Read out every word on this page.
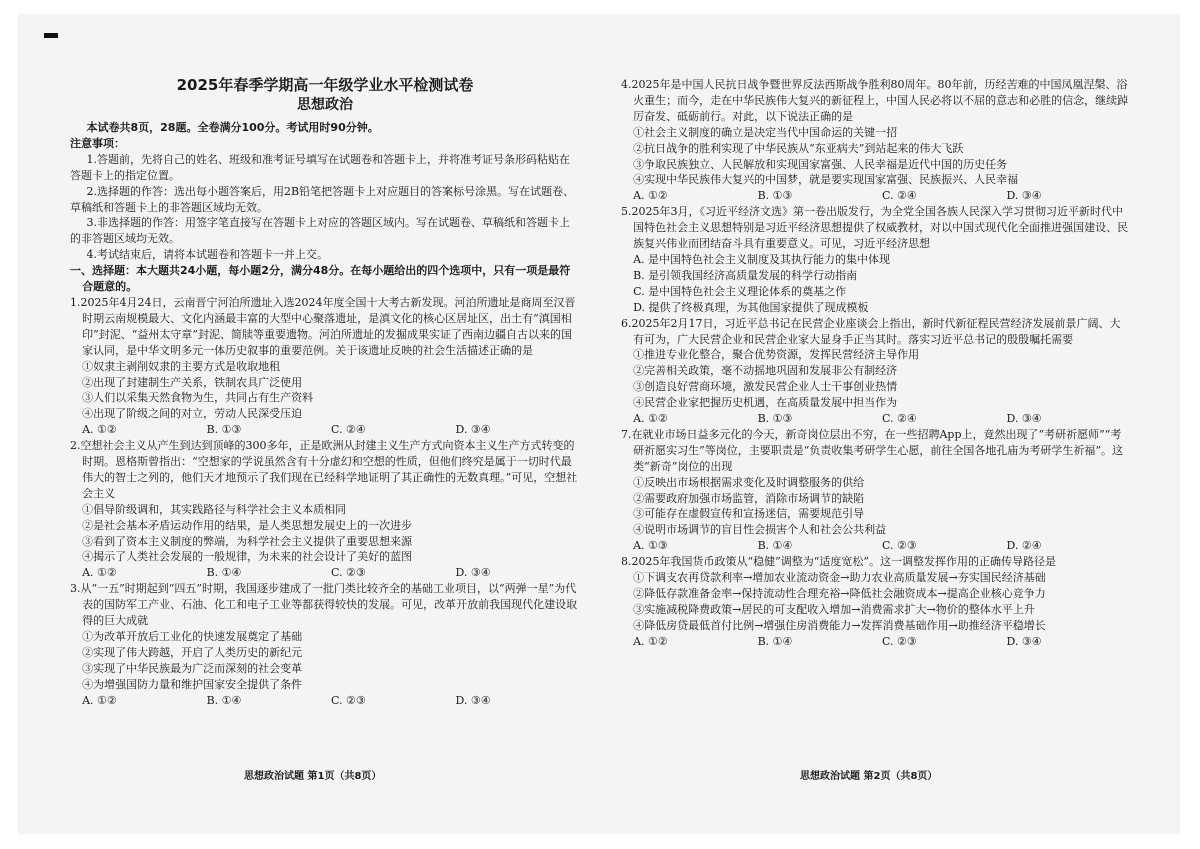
2025年春季学期高一年级学业水平检测试卷
思想政治

本试卷共8页，28题。全卷满分100分。考试用时90分钟。

注意事项：

1.答题前，先将自己的姓名、班级和准考证号填写在试题卷和答题卡上，并将准考证号条形码粘贴在答题卡上的指定位置。

2.选择题的作答：选出每小题答案后，用2B铅笔把答题卡上对应题目的答案标号涂黑。写在试题卷、草稿纸和答题卡上的非答题区域均无效。

3.非选择题的作答：用签字笔直接写在答题卡上对应的答题区域内。写在试题卷、草稿纸和答题卡上的非答题区域均无效。

4.考试结束后，请将本试题卷和答题卡一并上交。

一、选择题：本大题共24小题，每小题2分，满分48分。在每小题给出的四个选项中，只有一项是最符合题意的。

1.2025年4月24日，云南晋宁河泊所遗址入选2024年度全国十大考古新发现。河泊所遗址是商周至汉晋时期云南规模最大、文化内涵最丰富的大型中心聚落遗址，是滇文化的核心区居址区，出土有“滇国相印”封泥、“益州太守章”封泥、简牍等重要遗物。河泊所遗址的发掘成果实证了西南边疆自古以来的国家认同，是中华文明多元一体历史叙事的重要范例。关于该遗址反映的社会生活描述正确的是

①奴隶主剥削奴隶的主要方式是收取地租

②出现了封建制生产关系，铁制农具广泛使用

③人们以采集天然食物为生，共同占有生产资料

④出现了阶级之间的对立，劳动人民深受压迫

A. ①②	B. ①③	C. ②④	D. ③④

2.空想社会主义从产生到达到顶峰的300多年，正是欧洲从封建主义生产方式向资本主义生产方式转变的时期。恩格斯曾指出：“空想家的学说虽然含有十分虚幻和空想的性质，但他们终究是属于一切时代最伟大的智士之列的，他们天才地预示了我们现在已经科学地证明了其正确性的无数真理。”可见，空想社会主义

①倡导阶级调和，其实践路径与科学社会主义本质相同

②是社会基本矛盾运动作用的结果，是人类思想发展史上的一次进步

③看到了资本主义制度的弊端，为科学社会主义提供了重要思想来源

④揭示了人类社会发展的一般规律，为未来的社会设计了美好的蓝图

A. ①②	B. ①④	C. ②③	D. ③④

3.从“一五”时期起到“四五”时期，我国逐步建成了一批门类比较齐全的基础工业项目，以“两弹一星”为代表的国防军工产业、石油、化工和电子工业等都获得较快的发展。可见，改革开放前我国现代化建设取得的巨大成就

①为改革开放后工业化的快速发展奠定了基础

②实现了伟大跨越，开启了人类历史的新纪元

③实现了中华民族最为广泛而深刻的社会变革

④为增强国防力量和维护国家安全提供了条件

A. ①②	B. ①④	C. ②③	D. ③④

4.2025年是中国人民抗日战争暨世界反法西斯战争胜利80周年。80年前，历经苦难的中国凤凰涅槃、浴火重生；而今，走在中华民族伟大复兴的新征程上，中国人民必将以不屈的意志和必胜的信念，继续踔厉奋发、砥砺前行。对此，以下说法正确的是

①社会主义制度的确立是决定当代中国命运的关键一招

②抗日战争的胜利实现了中华民族从“东亚病夫”到站起来的伟大飞跃

③争取民族独立、人民解放和实现国家富强、人民幸福是近代中国的历史任务

④实现中华民族伟大复兴的中国梦，就是要实现国家富强、民族振兴、人民幸福

A. ①②	B. ①③	C. ②④	D. ③④

5.2025年3月，《习近平经济文选》第一卷出版发行，为全党全国各族人民深入学习贯彻习近平新时代中国特色社会主义思想特别是习近平经济思想提供了权威教材，对以中国式现代化全面推进强国建设、民族复兴伟业而团结奋斗具有重要意义。可见，习近平经济思想

A. 是中国特色社会主义制度及其执行能力的集中体现

B. 是引领我国经济高质量发展的科学行动指南

C. 是中国特色社会主义理论体系的奠基之作

D. 提供了终极真理，为其他国家提供了现成模板

6.2025年2月17日，习近平总书记在民营企业座谈会上指出，新时代新征程民营经济发展前景广阔、大有可为，广大民营企业和民营企业家大显身手正当其时。落实习近平总书记的殷殷嘱托需要

①推进专业化整合，聚合优势资源，发挥民营经济主导作用

②完善相关政策，毫不动摇地巩固和发展非公有制经济

③创造良好营商环境，激发民营企业人士干事创业热情

④民营企业家把握历史机遇，在高质量发展中担当作为

A. ①②	B. ①③	C. ②④	D. ③④

7.在就业市场日益多元化的今天，新奇岗位层出不穷，在一些招聘App上，竟然出现了“考研祈愿师”“考研祈愿实习生”等岗位，主要职责是“负责收集考研学生心愿，前往全国各地孔庙为考研学生祈福”。这类“新奇”岗位的出现

①反映出市场根据需求变化及时调整服务的供给

②需要政府加强市场监管，消除市场调节的缺陷

③可能存在虚假宣传和宣扬迷信，需要规范引导

④说明市场调节的盲目性会损害个人和社会公共利益

A. ①③	B. ①④	C. ②③	D. ②④

8.2025年我国货币政策从“稳健”调整为“适度宽松”。这一调整发挥作用的正确传导路径是

①下调支农再贷款利率→增加农业流动资金→助力农业高质量发展→夯实国民经济基础

②降低存款准备金率→保持流动性合理充裕→降低社会融资成本→提高企业核心竞争力

③实施减税降费政策→居民的可支配收入增加→消费需求扩大→物价的整体水平上升

④降低房贷最低首付比例→增强住房消费能力→发挥消费基础作用→助推经济平稳增长

A. ①②	B. ①④	C. ②③	D. ③④
思想政治试题 第1页（共8页）	思想政治试题 第2页（共8页）
